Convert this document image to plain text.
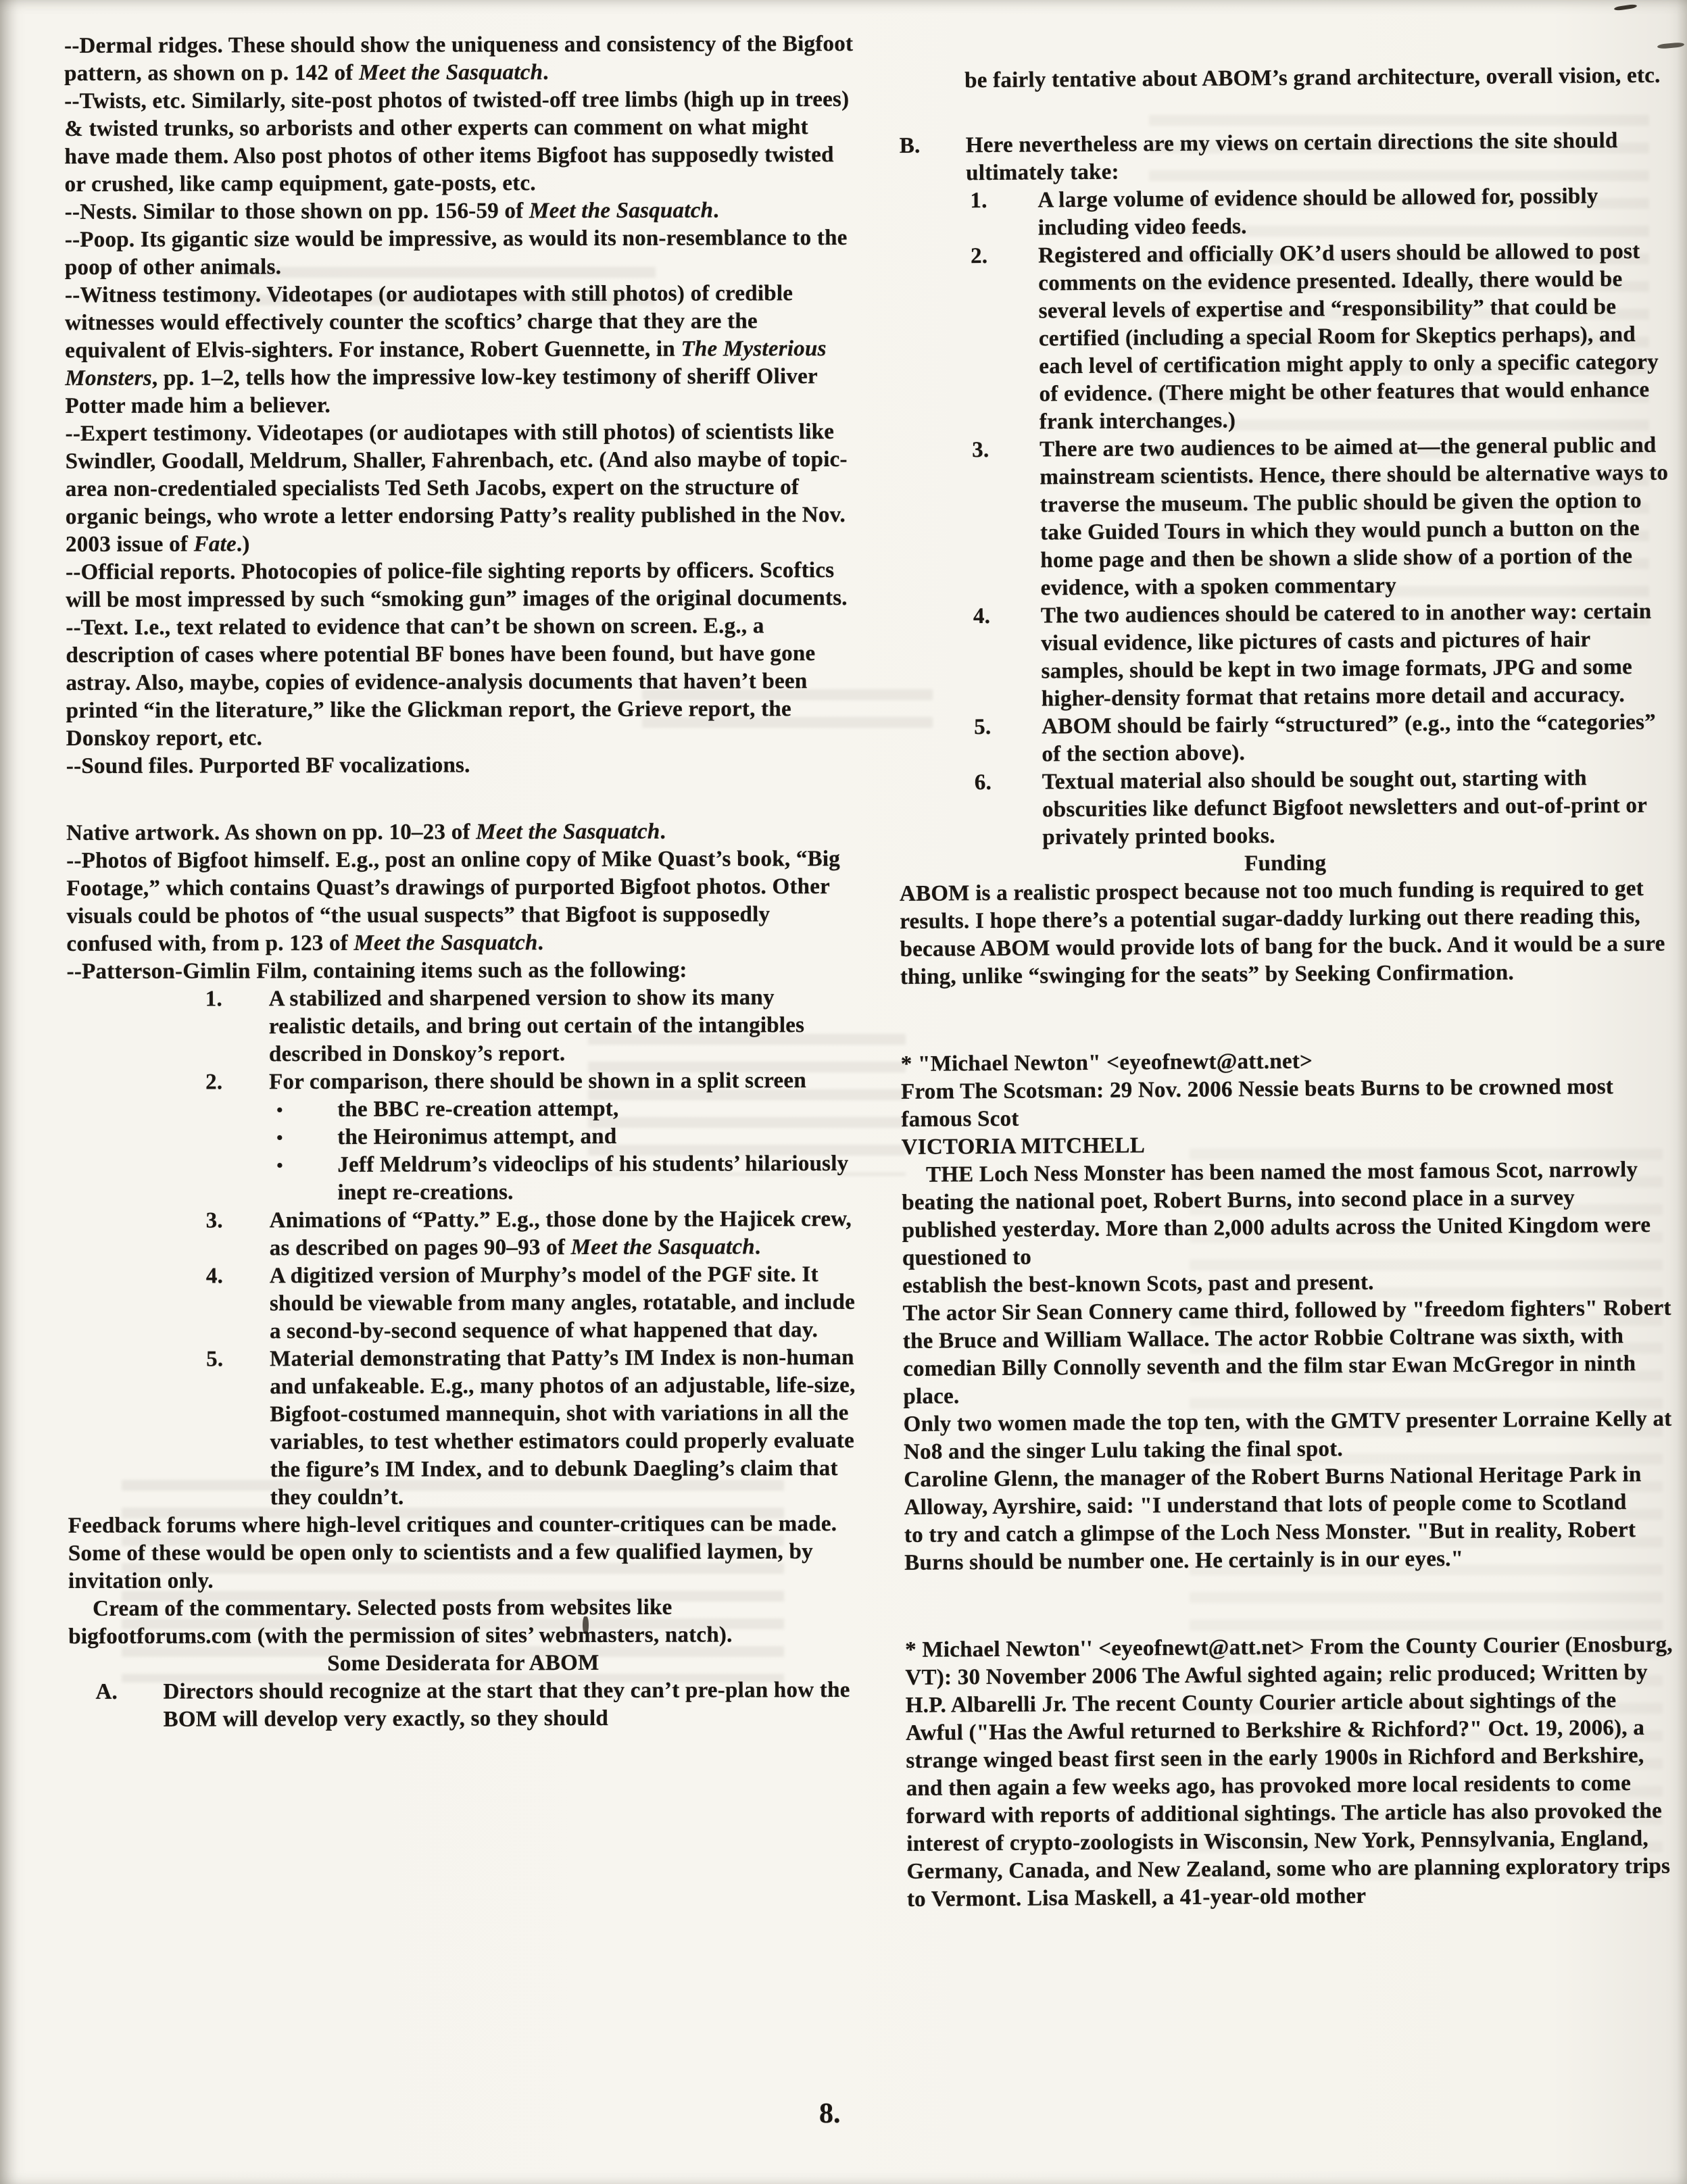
--Dermal ridges. These should show the uniqueness and consistency of the Bigfoot pattern, as shown on p. 142 of Meet the Sasquatch.
--Twists, etc. Similarly, site-post photos of twisted-off tree limbs (high up in trees) & twisted trunks, so arborists and other experts can comment on what might have made them. Also post photos of other items Bigfoot has supposedly twisted or crushed, like camp equipment, gate-posts, etc.
--Nests. Similar to those shown on pp. 156-59 of Meet the Sasquatch.
--Poop. Its gigantic size would be impressive, as would its non-resemblance to the poop of other animals.
--Witness testimony. Videotapes (or audiotapes with still photos) of credible witnesses would effectively counter the scoftics’ charge that they are the equivalent of Elvis-sighters. For instance, Robert Guennette, in The Mysterious Monsters, pp. 1–2, tells how the impressive low-key testimony of sheriff Oliver Potter made him a believer.
--Expert testimony. Videotapes (or audiotapes with still photos) of scientists like Swindler, Goodall, Meldrum, Shaller, Fahrenbach, etc. (And also maybe of topic-area non-credentialed specialists Ted Seth Jacobs, expert on the structure of organic beings, who wrote a letter endorsing Patty’s reality published in the Nov. 2003 issue of Fate.)
--Official reports. Photocopies of police-file sighting reports by officers. Scoftics will be most impressed by such “smoking gun” images of the original documents.
--Text. I.e., text related to evidence that can’t be shown on screen. E.g., a description of cases where potential BF bones have been found, but have gone astray. Also, maybe, copies of evidence-analysis documents that haven’t been printed “in the literature,” like the Glickman report, the Grieve report, the Donskoy report, etc.
--Sound files. Purported BF vocalizations.
Native artwork. As shown on pp. 10–23 of Meet the Sasquatch.
--Photos of Bigfoot himself. E.g., post an online copy of Mike Quast’s book, “Big Footage,” which contains Quast’s drawings of purported Bigfoot photos. Other visuals could be photos of “the usual suspects” that Bigfoot is supposedly confused with, from p. 123 of Meet the Sasquatch.
--Patterson-Gimlin Film, containing items such as the following:
1.	A stabilized and sharpened version to show its many realistic details, and bring out certain of the intangibles described in Donskoy’s report.
2.	For comparison, there should be shown in a split screen
•	the BBC re-creation attempt,
•	the Heironimus attempt, and
•	Jeff Meldrum’s videoclips of his students’ hilariously inept re-creations.
3.	Animations of “Patty.” E.g., those done by the Hajicek crew, as described on pages 90–93 of Meet the Sasquatch.
4.	A digitized version of Murphy’s model of the PGF site. It should be viewable from many angles, rotatable, and include a second-by-second sequence of what happened that day.
5.	Material demonstrating that Patty’s IM Index is non-human and unfakeable. E.g., many photos of an adjustable, life-size, Bigfoot-costumed mannequin, shot with variations in all the variables, to test whether estimators could properly evaluate the figure’s IM Index, and to debunk Daegling’s claim that they couldn’t.
Feedback forums where high-level critiques and counter-critiques can be made. Some of these would be open only to scientists and a few qualified laymen, by invitation only.
Cream of the commentary. Selected posts from websites like bigfootforums.com (with the permission of sites’ webmasters, natch).
Some Desiderata for ABOM
A.	Directors should recognize at the start that they can’t pre-plan how the BOM will develop very exactly, so they should
be fairly tentative about ABOM’s grand architecture, overall vision, etc.
B.	Here nevertheless are my views on certain directions the site should ultimately take:
1.	A large volume of evidence should be allowed for, possibly including video feeds.
2.	Registered and officially OK’d users should be allowed to post comments on the evidence presented. Ideally, there would be several levels of expertise and “responsibility” that could be certified (including a special Room for Skeptics perhaps), and each level of certification might apply to only a specific category of evidence. (There might be other features that would enhance frank interchanges.)
3.	There are two audiences to be aimed at—the general public and mainstream scientists. Hence, there should be alternative ways to traverse the museum. The public should be given the option to take Guided Tours in which they would punch a button on the home page and then be shown a slide show of a portion of the evidence, with a spoken commentary
4.	The two audiences should be catered to in another way: certain visual evidence, like pictures of casts and pictures of hair samples, should be kept in two image formats, JPG and some higher-density format that retains more detail and accuracy.
5.	ABOM should be fairly “structured” (e.g., into the “categories” of the section above).
6.	Textual material also should be sought out, starting with obscurities like defunct Bigfoot newsletters and out-of-print or privately printed books.
Funding
ABOM is a realistic prospect because not too much funding is required to get results. I hope there’s a potential sugar-daddy lurking out there reading this, because ABOM would provide lots of bang for the buck. And it would be a sure thing, unlike “swinging for the seats” by Seeking Confirmation.
* "Michael Newton" <eyeofnewt@att.net>
From The Scotsman: 29 Nov. 2006 Nessie beats Burns to be crowned most famous Scot
VICTORIA MITCHELL
THE Loch Ness Monster has been named the most famous Scot, narrowly beating the national poet, Robert Burns, into second place in a survey published yesterday. More than 2,000 adults across the United Kingdom were questioned to
establish the best-known Scots, past and present.
The actor Sir Sean Connery came third, followed by "freedom fighters" Robert the Bruce and William Wallace. The actor Robbie Coltrane was sixth, with comedian Billy Connolly seventh and the film star Ewan McGregor in ninth place.
Only two women made the top ten, with the GMTV presenter Lorraine Kelly at No8 and the singer Lulu taking the final spot.
Caroline Glenn, the manager of the Robert Burns National Heritage Park in Alloway, Ayrshire, said: "I understand that lots of people come to Scotland
to try and catch a glimpse of the Loch Ness Monster. "But in reality, Robert Burns should be number one. He certainly is in our eyes."
* Michael Newton'' <eyeofnewt@att.net> From the County Courier (Enosburg, VT): 30 November 2006 The Awful sighted again; relic produced; Written by H.P. Albarelli Jr. The recent County Courier article about sightings of the Awful ("Has the Awful returned to Berkshire & Richford?" Oct. 19, 2006), a strange winged beast first seen in the early 1900s in Richford and Berkshire, and then again a few weeks ago, has provoked more local residents to come forward with reports of additional sightings. The article has also provoked the interest of crypto-zoologists in Wisconsin, New York, Pennsylvania, England, Germany, Canada, and New Zealand, some who are planning exploratory trips to Vermont. Lisa Maskell, a 41-year-old mother
8.
